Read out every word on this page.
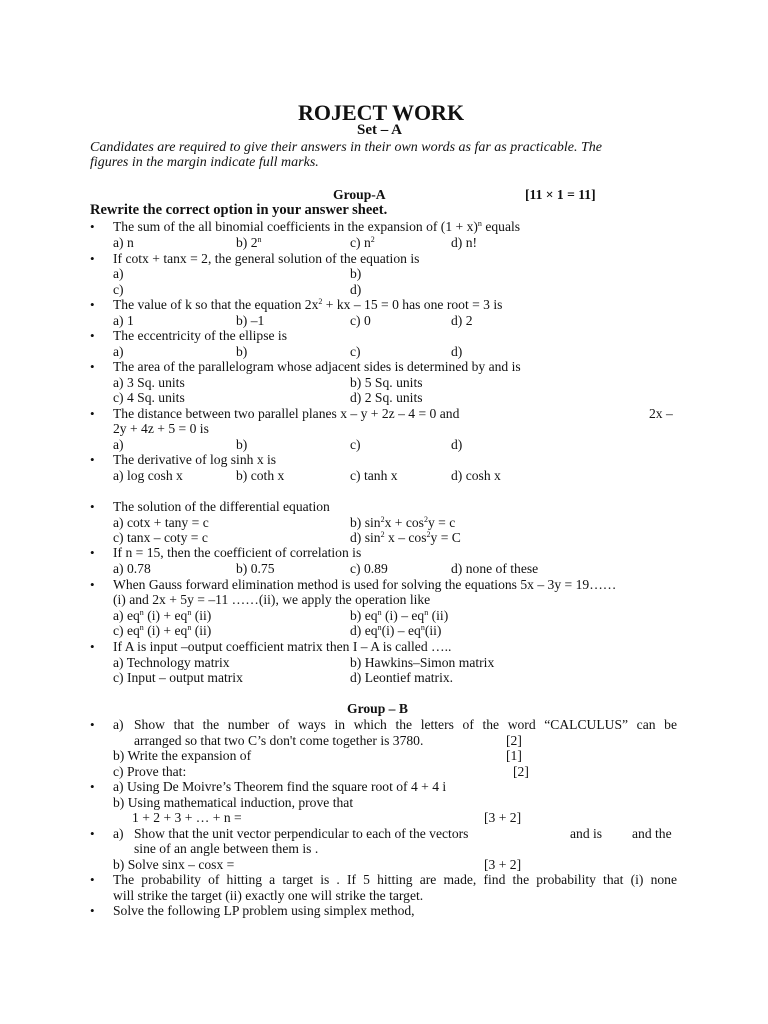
ROJECT WORK
Set – A
Candidates are required to give their answers in their own words as far as practicable. The
figures in the margin indicate full marks.
Group-A	[11 × 1 = 11]
Rewrite the correct option in your answer sheet.
• The sum of the all binomial coefficients in the expansion of $(1 + x)^n$ equals
a) n	b) 2$^n$	c) $n^2$	d) n!
• If cotx + tanx = 2, the general solution of the equation is
a)	b)
c)	d)
• The value of k so that the equation $2x^2$ + kx – 15 = 0 has one root = 3 is
a) 1	b) –1	c) 0	d) 2
• The eccentricity of the ellipse is
a)	b)	c)	d)
• The area of the parallelogram whose adjacent sides is determined by and is
a) 3 Sq. units	b) 5 Sq. units
c) 4 Sq. units	d) 2 Sq. units
• The distance between two parallel planes x – y + 2z – 4 = 0 and	2x –
2y + 4z + 5 = 0 is
a)	b)	c)	d)
• The derivative of log sinh x is
a) log cosh x	b) coth x	c) tanh x	d) cosh x
• The solution of the differential equation
a) cotx + tany = c	b) $\sin^2x + \cos^2y = c$
c) tanx – coty = c	d) $\sin^2 x - \cos^2y = C$
• If n = 15, then the coefficient of correlation is
a) 0.78	b) 0.75	c) 0.89	d) none of these
• When Gauss forward elimination method is used for solving the equations 5x – 3y = 19……
(i) and 2x + 5y = –11 ……(ii), we apply the operation like
a) $eq^n$ $(i) + eq^n$ (ii)	b) $eq^n$ $(i) - eq^n$ (ii)
c) $eq^n$ $(i) + eq^n$ (ii)	d) $eq^n(i) - eq^n(ii)$
• If A is input –output coefficient matrix then I – A is called …..
a) Technology matrix	b) Hawkins–Simon matrix
c) Input – output matrix	d) Leontief matrix.
Group – B
• a) Show that the number of ways in which the letters of the word “CALCULUS” can be
arranged so that two C’s don't come together is 3780.	[2]
b) Write the expansion of	[1]
c) Prove that:	[2]
• a) Using De Moivre’s Theorem find the square root of 4 + 4 i
b) Using mathematical induction, prove that
1 + 2 + 3 + … + n =	[3 + 2]
• a) Show that the unit vector perpendicular to each of the vectors	and is and the
sine of an angle between them is .
b) Solve sinx – cosx =	[3 + 2]
• The probability of hitting a target is . If 5 hitting are made, find the probability that (i) none
will strike the target (ii) exactly one will strike the target.
• Solve the following LP problem using simplex method,
